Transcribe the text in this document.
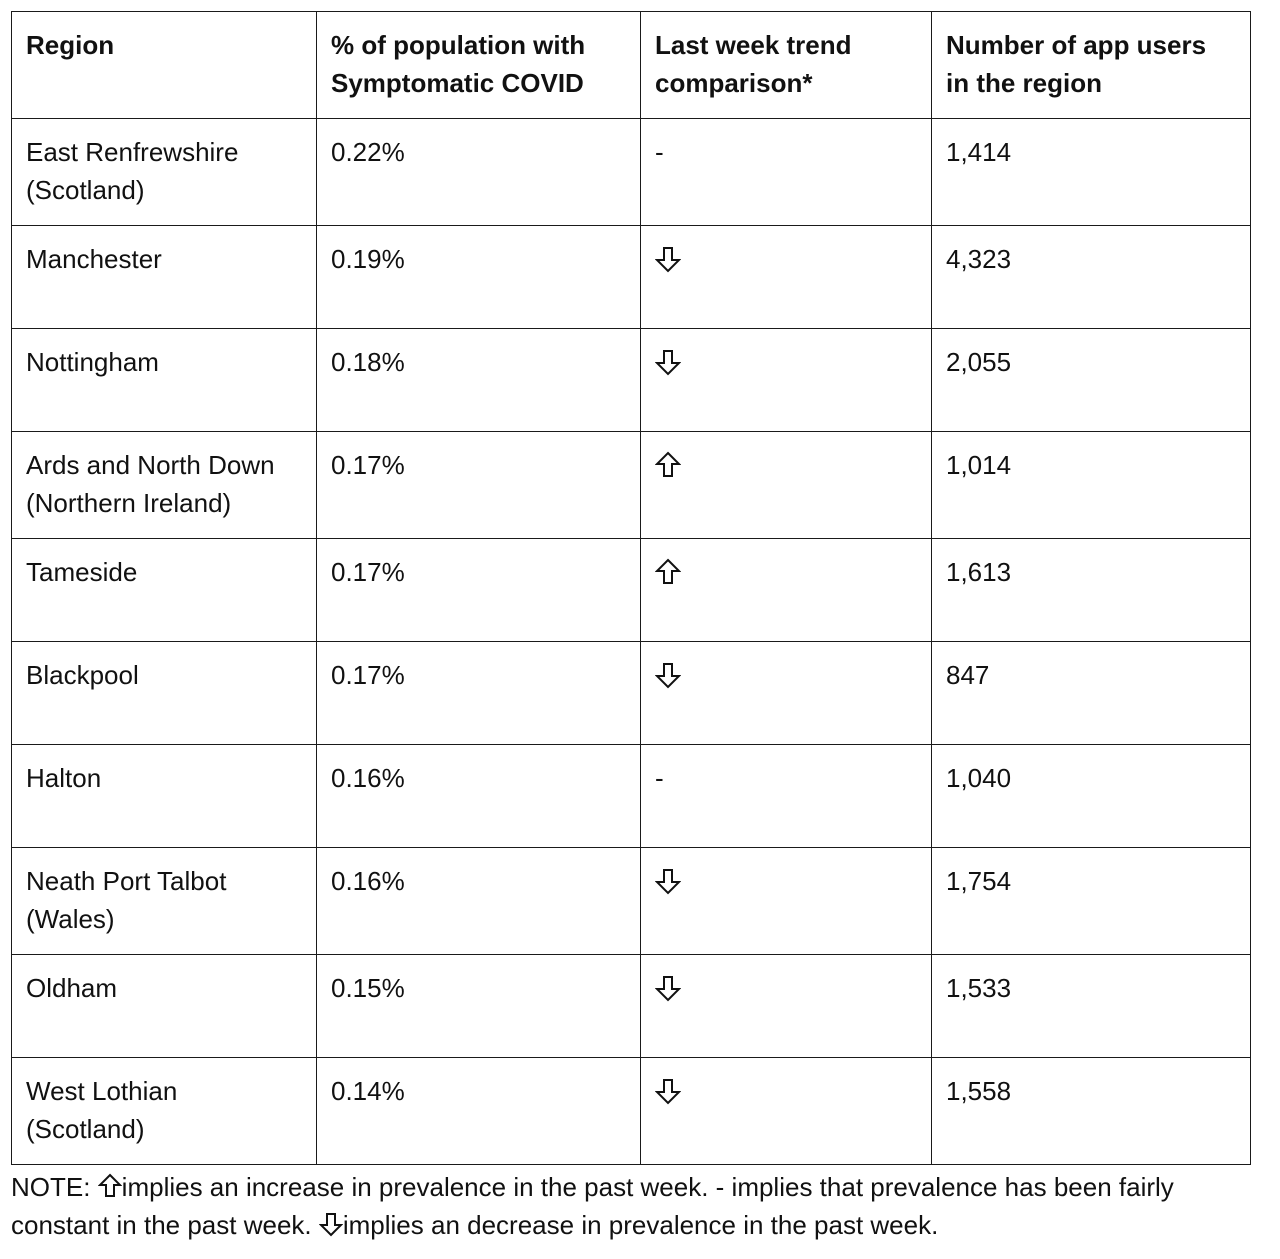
Region	% of population with Symptomatic COVID	Last week trend comparison*	Number of app users in the region
East Renfrewshire (Scotland)	0.22%	-	1,414
Manchester	0.19%		4,323
Nottingham	0.18%		2,055
Ards and North Down (Northern Ireland)	0.17%		1,014
Tameside	0.17%		1,613
Blackpool	0.17%		847
Halton	0.16%	-	1,040
Neath Port Talbot (Wales)	0.16%		1,754
Oldham	0.15%		1,533
West Lothian (Scotland)	0.14%		1,558
NOTE: implies an increase in prevalence in the past week. - implies that prevalence has been fairly constant in the past week. implies an decrease in prevalence in the past week.
